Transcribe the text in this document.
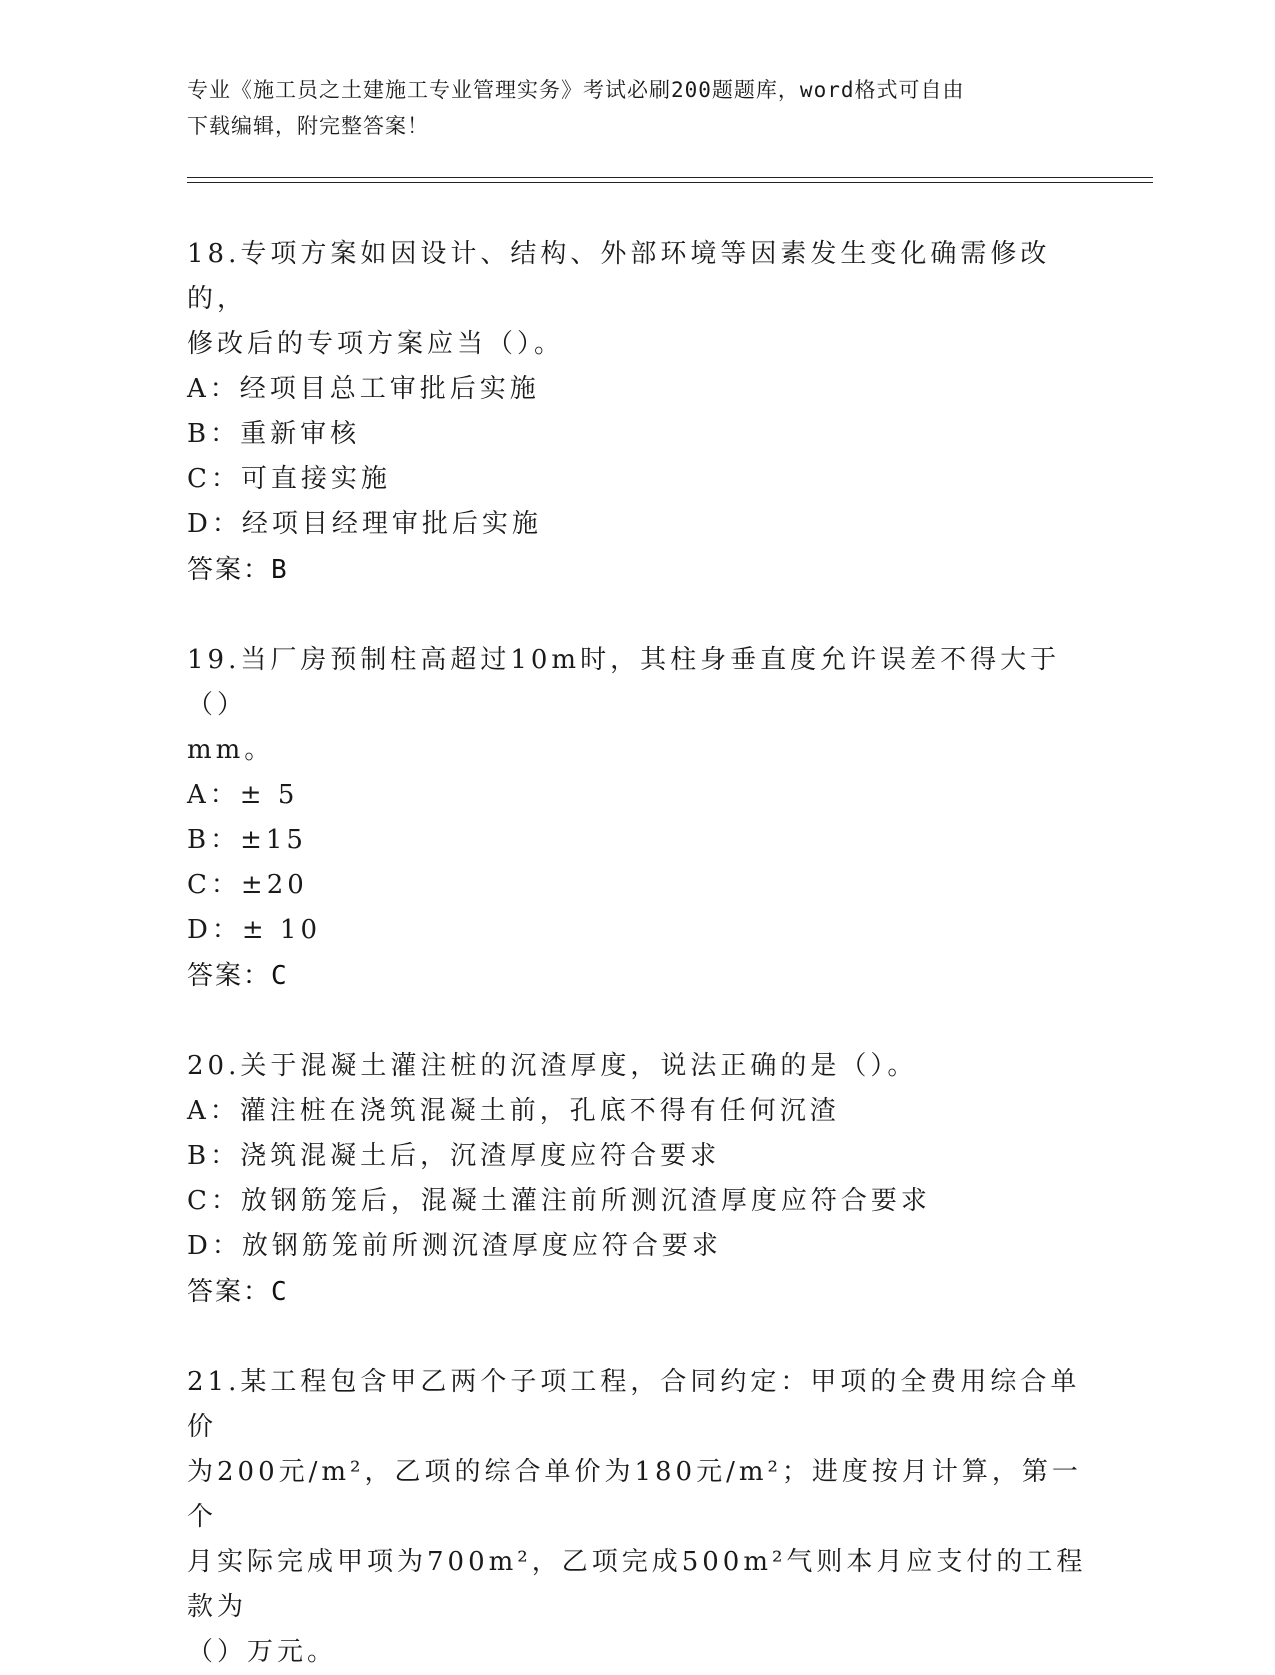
专业《施工员之土建施工专业管理实务》考试必刷200题题库，word格式可自由
下载编辑，附完整答案！
18.专项方案如因设计、结构、外部环境等因素发生变化确需修改的，
修改后的专项方案应当（）。
A：经项目总工审批后实施
B：重新审核
C：可直接实施
D：经项目经理审批后实施
答案：B
19.当厂房预制柱高超过10m时，其柱身垂直度允许误差不得大于（）
mm。
A：± 5
B：±15
C：±20
D：± 10
答案：C
20.关于混凝土灌注桩的沉渣厚度，说法正确的是（）。
A：灌注桩在浇筑混凝土前，孔底不得有任何沉渣
B：浇筑混凝土后，沉渣厚度应符合要求
C：放钢筋笼后，混凝土灌注前所测沉渣厚度应符合要求
D：放钢筋笼前所测沉渣厚度应符合要求
答案：C
21.某工程包含甲乙两个子项工程，合同约定：甲项的全费用综合单价
为200元/m²，乙项的综合单价为180元/m²；进度按月计算，第一个
月实际完成甲项为700m²，乙项完成500m²气则本月应支付的工程款为
（）万元。
